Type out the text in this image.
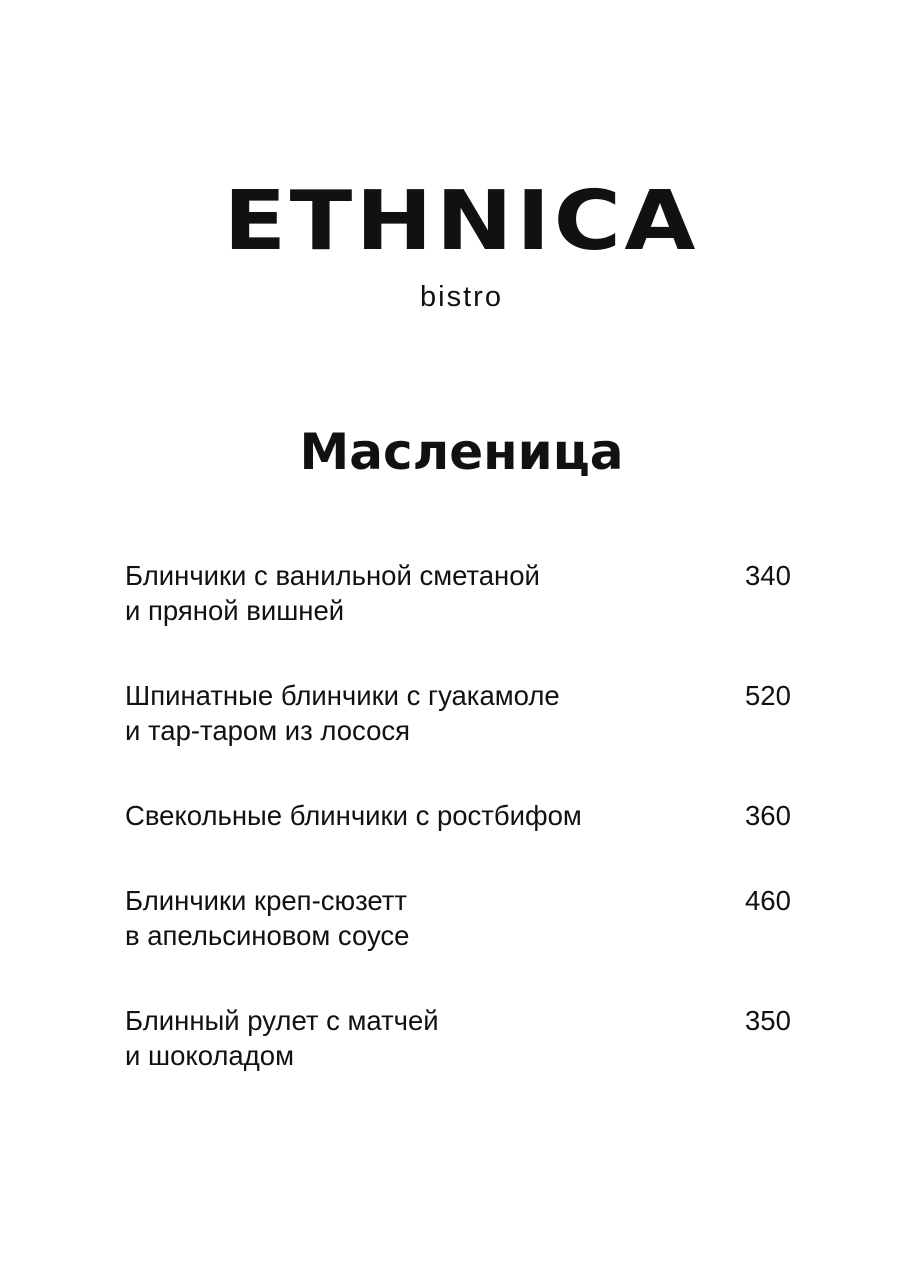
ETHNICA
bistro
Масленица
Блинчики с ванильной сметаной
и пряной вишней
340
Шпинатные блинчики с гуакамоле
и тар-таром из лосося
520
Свекольные блинчики с ростбифом	360
Блинчики креп-сюзетт
в апельсиновом соусе
460
Блинный рулет с матчей
и шоколадом
350
